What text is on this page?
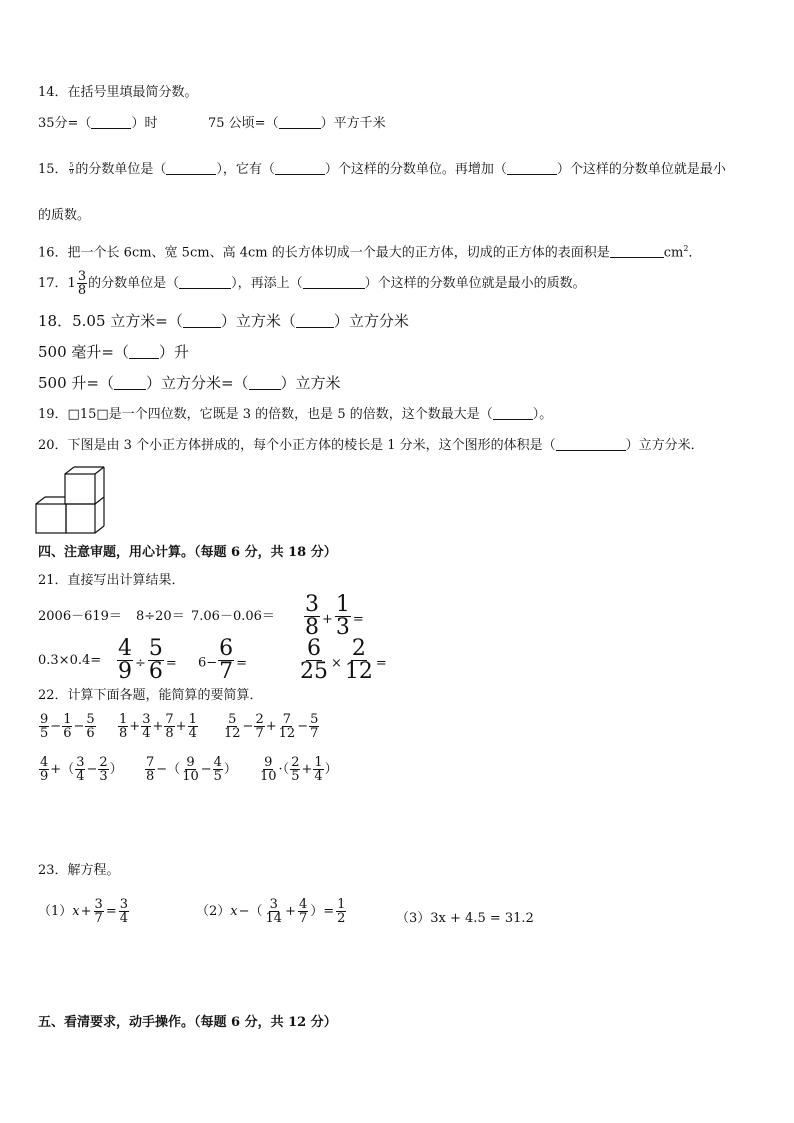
14．在括号里填最简分数。
35分=（	）时	75 公顷=（	）平方千米
15． $\frac{5}{9}$ 的分数单位是（	），它有（	）个这样的分数单位。再增加（	）个这样的分数单位就是最小
的质数。
16．把一个长 6cm、宽 5cm、高 4cm 的长方体切成一个最大的正方体，切成的正方体的表面积是	$cm^2$．
17．$1 \frac{3}{8}$ 的分数单位是（	），再添上（	）个这样的分数单位就是最小的质数。
18．5.05 立方米=（	）立方米（	）立方分米
500 毫升=（ ）升
500 升=（ ）立方分米=（ ）立方米
19．□15□是一个四位数，它既是 3 的倍数，也是 5 的倍数，这个数最大是（	）。
20．下图是由 3 个小正方体拼成的，每个小正方体的棱长是 1 分米，这个图形的体积是（	）立方分米．
四、注意审题，用心计算。（每题 6 分，共 18 分）
21．直接写出计算结果．
$2006-619= 8\div 20= 7.06-0.06= \frac{3}{8} + \frac{1}{3}$ =
$0.3\times 0.4= \frac{4}{9} \div \frac{5}{6} = 6- \frac{6}{7} = \frac{6}{25} \times \frac{2}{12}$ =
22．计算下面各题，能简算的要简算．
$\frac{9}{5} - \frac{1}{6} - \frac{5}{6} \frac{1}{8} + \frac{3}{4} + \frac{7}{8} + \frac{1}{4} \frac{5}{12} - \frac{2}{7} + \frac{7}{12} - \frac{5}{7}$
$\frac{4}{9}$ +（ $\frac{3}{4} - \frac{2}{3}$ ） $\frac{7}{8}$ −（ $\frac{9}{10} - \frac{4}{5}$ ） $\frac{9}{10}$ ·（ $\frac{2}{5} + \frac{1}{4}$ ）
23．解方程。
$(1)x+ \frac{3}{7} = \frac{3}{4}$	$(2)x-( \frac{3}{14} + \frac{4}{7}$ ）= $\frac{1}{2}$	（3）3x + 4.5 = 31.2
五、看清要求，动手操作。（每题 6 分，共 12 分）
